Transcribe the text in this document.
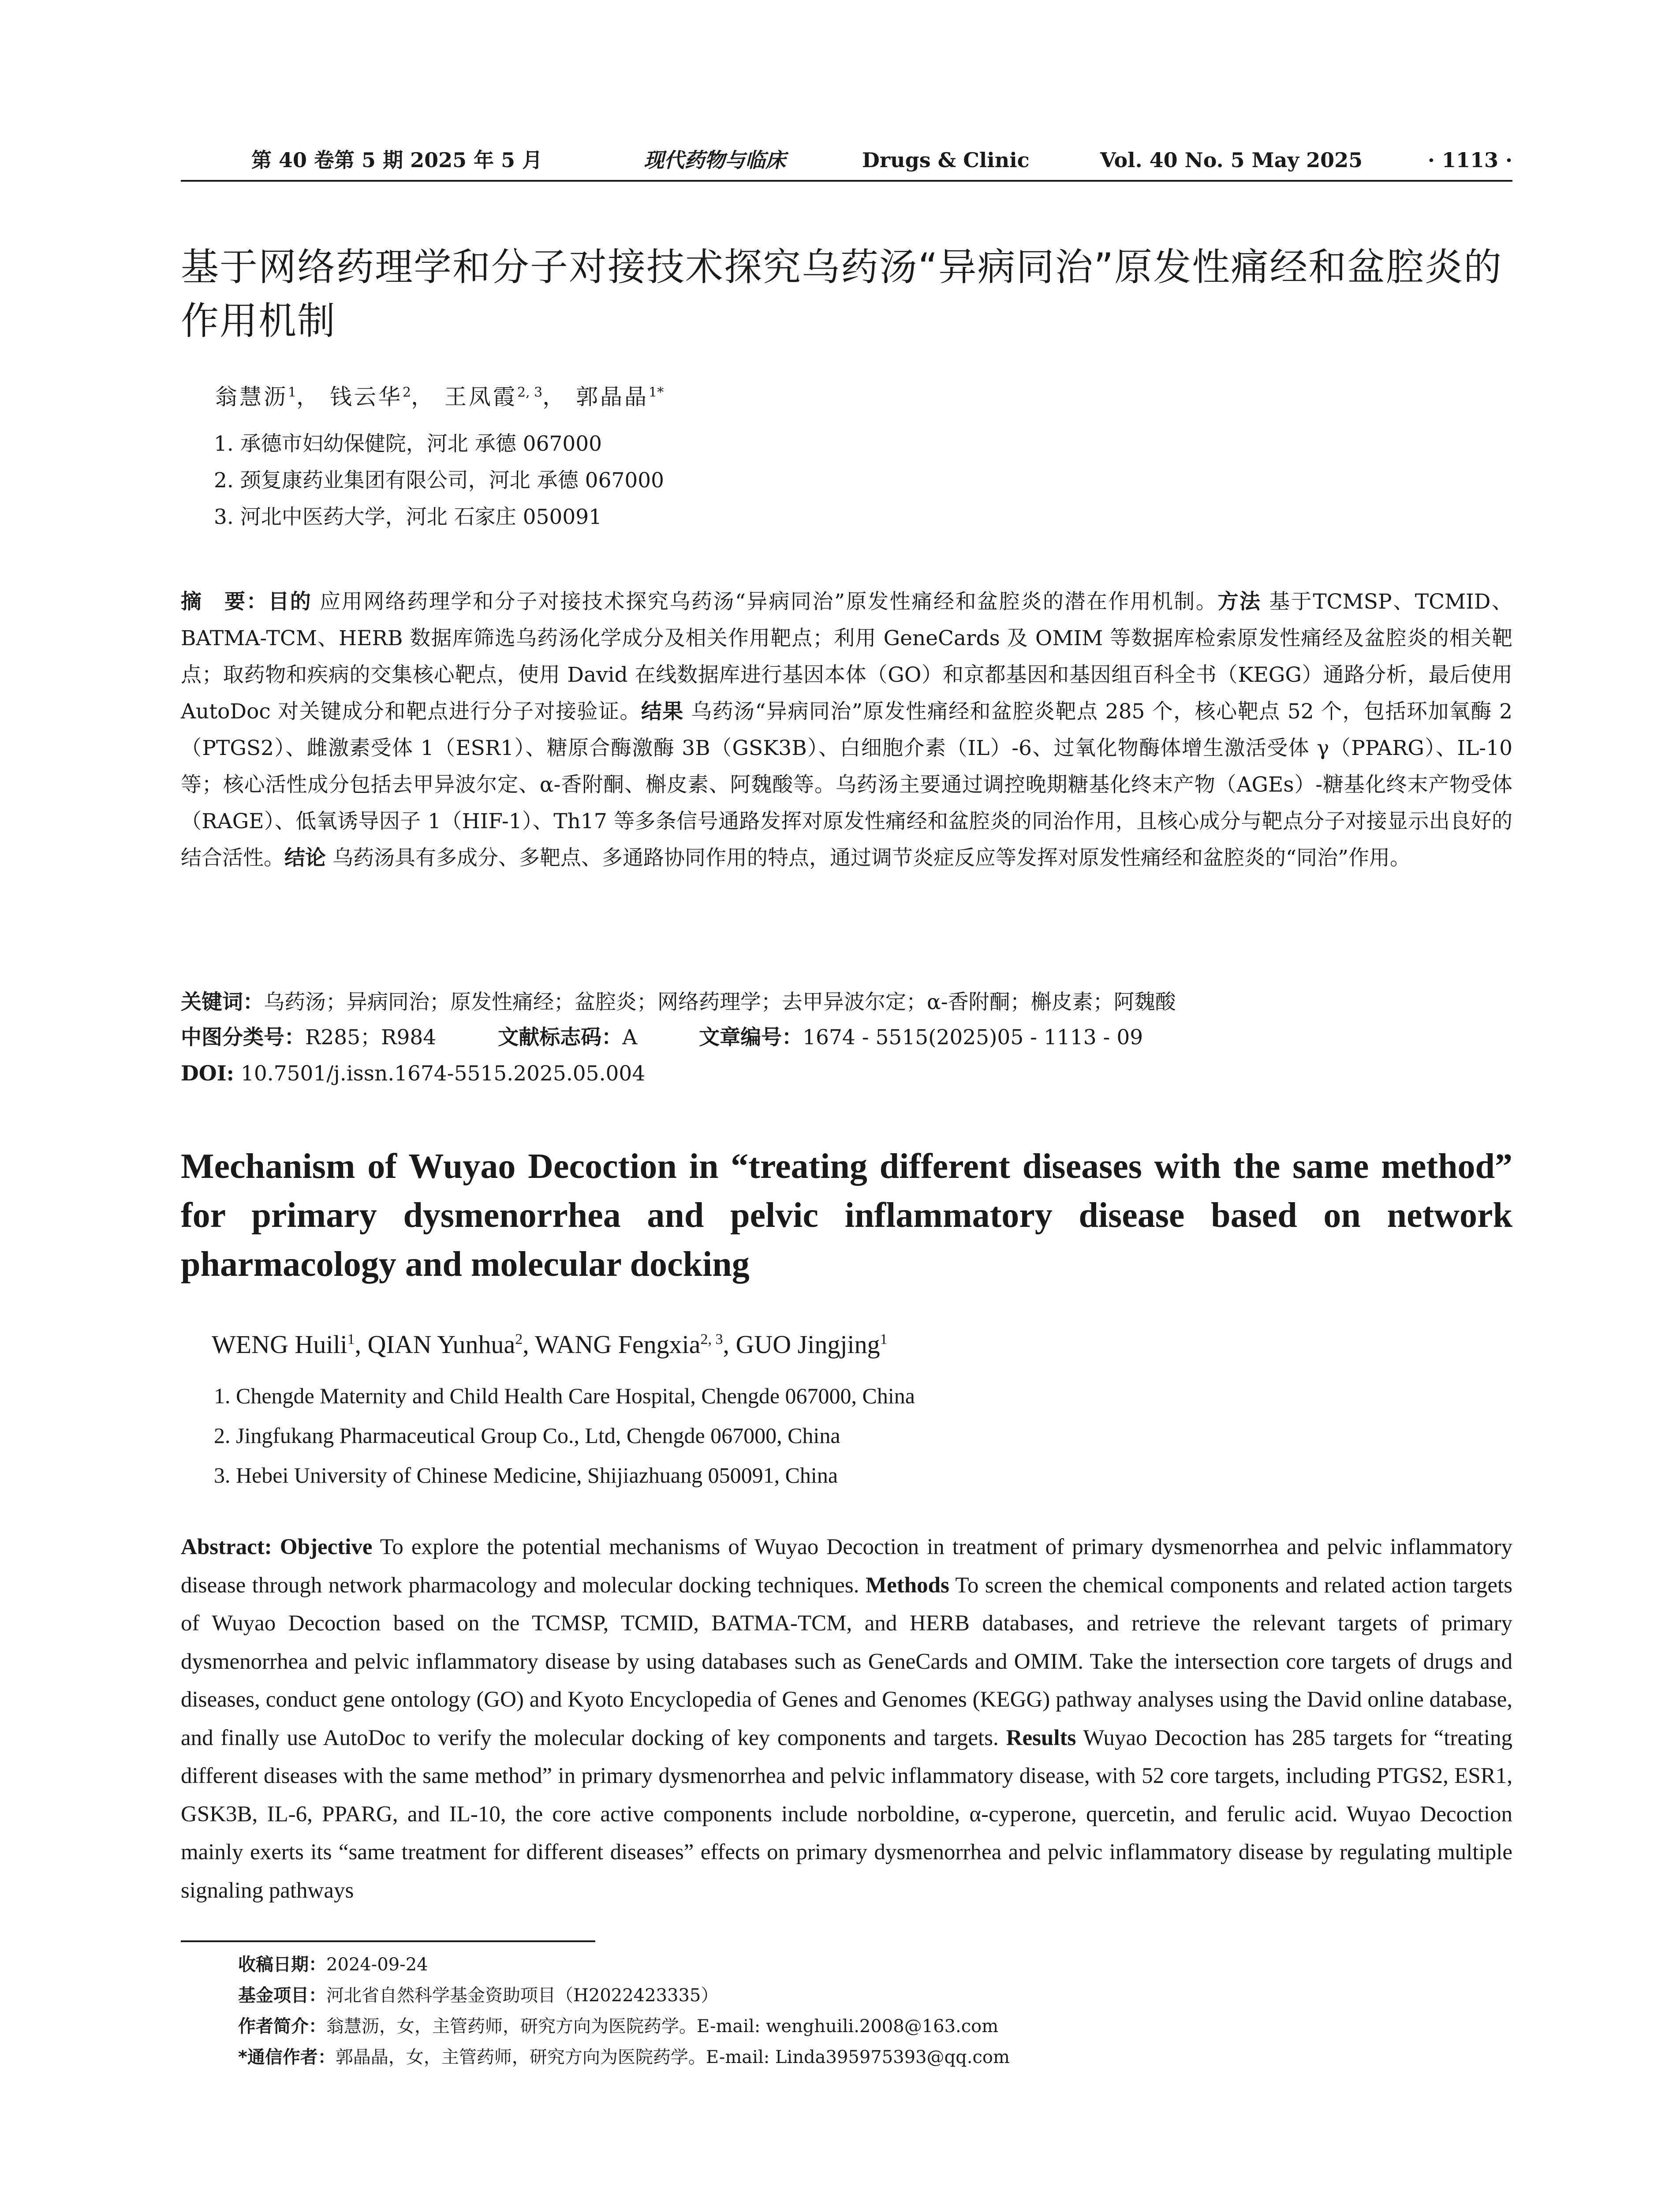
第 40 卷第 5 期 2025 年 5 月	现代药物与临床	Drugs & Clinic	Vol. 40 No. 5 May 2025	· 1113 ·
基于网络药理学和分子对接技术探究乌药汤“异病同治”原发性痛经和盆腔炎的作用机制
翁慧沥$^1$， 钱云华$^2$， 王凤霞$^{2, 3}$， 郭晶晶$^{1*}$
1. 承德市妇幼保健院，河北 承德 067000
2. 颈复康药业集团有限公司，河北 承德 067000
3. 河北中医药大学，河北 石家庄 050091

摘　要：目的 应用网络药理学和分子对接技术探究乌药汤“异病同治”原发性痛经和盆腔炎的潜在作用机制。方法 基于TCMSP、TCMID、BATMA-TCM、HERB 数据库筛选乌药汤化学成分及相关作用靶点；利用 GeneCards 及 OMIM 等数据库检索原发性痛经及盆腔炎的相关靶点；取药物和疾病的交集核心靶点，使用 David 在线数据库进行基因本体（GO）和京都基因和基因组百科全书（KEGG）通路分析，最后使用 AutoDoc 对关键成分和靶点进行分子对接验证。结果 乌药汤“异病同治”原发性痛经和盆腔炎靶点 285 个，核心靶点 52 个，包括环加氧酶 2（PTGS2）、雌激素受体 1（ESR1）、糖原合酶激酶 3B（GSK3B）、白细胞介素（IL）-6、过氧化物酶体增生激活受体 γ（PPARG）、IL-10 等；核心活性成分包括去甲异波尔定、α-香附酮、槲皮素、阿魏酸等。乌药汤主要通过调控晚期糖基化终末产物（AGEs）-糖基化终末产物受体（RAGE）、低氧诱导因子 1（HIF-1）、Th17 等多条信号通路发挥对原发性痛经和盆腔炎的同治作用，且核心成分与靶点分子对接显示出良好的结合活性。结论 乌药汤具有多成分、多靶点、多通路协同作用的特点，通过调节炎症反应等发挥对原发性痛经和盆腔炎的“同治”作用。

关键词：乌药汤；异病同治；原发性痛经；盆腔炎；网络药理学；去甲异波尔定；α-香附酮；槲皮素；阿魏酸

中图分类号：R285；R984	文献标志码：A	文章编号：1674 - 5515(2025)05 - 1113 - 09

DOI: 10.7501/j.issn.1674-5515.2025.05.004

Mechanism of Wuyao Decoction in “treating different diseases with the same method” for primary dysmenorrhea and pelvic inflammatory disease based on network pharmacology and molecular docking
WENG Huili$^1$, QIAN Yunhua$^2$, WANG Fengxia$^{2, 3}$, GUO Jingjing$^1$
1. Chengde Maternity and Child Health Care Hospital, Chengde 067000, China
2. Jingfukang Pharmaceutical Group Co., Ltd, Chengde 067000, China
3. Hebei University of Chinese Medicine, Shijiazhuang 050091, China

Abstract: Objective To explore the potential mechanisms of Wuyao Decoction in treatment of primary dysmenorrhea and pelvic inflammatory disease through network pharmacology and molecular docking techniques. Methods To screen the chemical components and related action targets of Wuyao Decoction based on the TCMSP, TCMID, BATMA-TCM, and HERB databases, and retrieve the relevant targets of primary dysmenorrhea and pelvic inflammatory disease by using databases such as GeneCards and OMIM. Take the intersection core targets of drugs and diseases, conduct gene ontology (GO) and Kyoto Encyclopedia of Genes and Genomes (KEGG) pathway analyses using the David online database, and finally use AutoDoc to verify the molecular docking of key components and targets. Results Wuyao Decoction has 285 targets for “treating different diseases with the same method” in primary dysmenorrhea and pelvic inflammatory disease, with 52 core targets, including PTGS2, ESR1, GSK3B, IL-6, PPARG, and IL-10, the core active components include norboldine, α-cyperone, quercetin, and ferulic acid. Wuyao Decoction mainly exerts its “same treatment for different diseases” effects on primary dysmenorrhea and pelvic inflammatory disease by regulating multiple signaling pathways

收稿日期：2024-09-24
基金项目：河北省自然科学基金资助项目（H2022423335）
作者简介：翁慧沥，女，主管药师，研究方向为医院药学。E-mail: wenghuili.2008@163.com
*通信作者：郭晶晶，女，主管药师，研究方向为医院药学。E-mail: Linda395975393@qq.com
